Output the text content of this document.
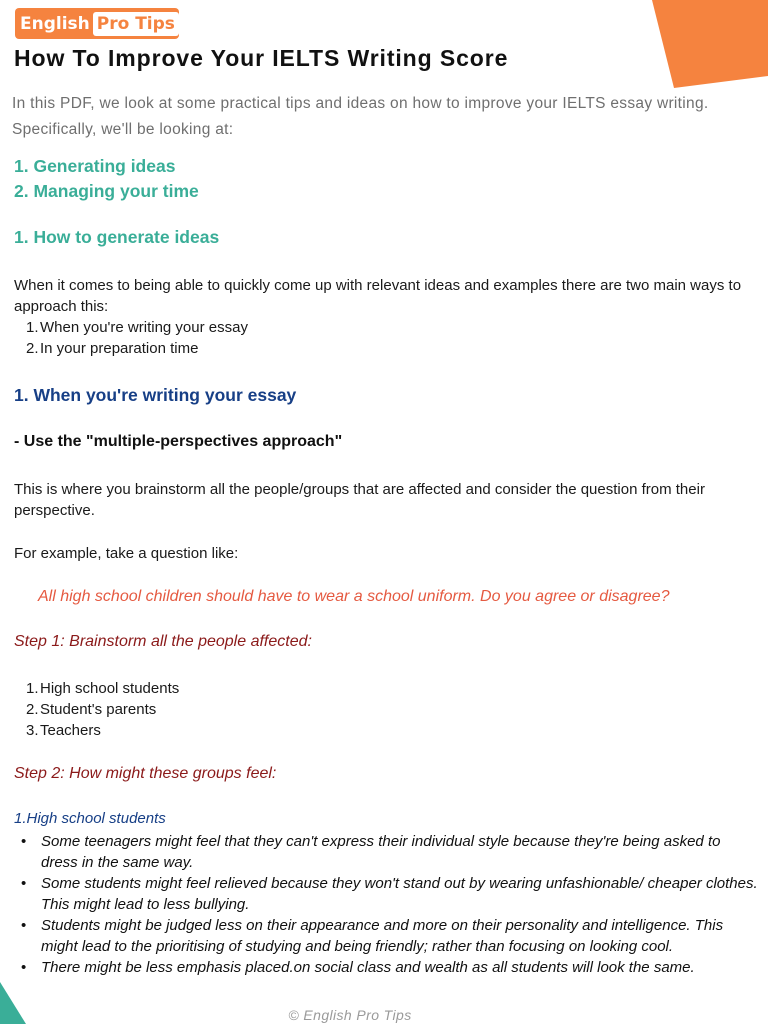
English Pro Tips
How To Improve Your IELTS Writing Score
In this PDF, we look at some practical tips and ideas on how to improve your IELTS essay writing. Specifically, we'll be looking at:
1. Generating ideas
2. Managing your time
1. How to generate ideas
When it comes to being able to quickly come up with relevant ideas and examples there are two main ways to approach this:
1. When you're writing your essay
2. In your preparation time
1. When you're writing your essay
- Use the "multiple-perspectives approach"
This is where you brainstorm all the people/groups that are affected and consider the question from their perspective.
For example, take a question like:
All high school children should have to wear a school uniform. Do you agree or disagree?
Step 1: Brainstorm all the people affected:
1. High school students
2. Student's parents
3. Teachers
Step 2: How might these groups feel:
1.High school students
• Some teenagers might feel that they can't express their individual style because they're being asked to dress in the same way.
• Some students might feel relieved because they won't stand out by wearing unfashionable/ cheaper clothes. This might lead to less bullying.
• Students might be judged less on their appearance and more on their personality and intelligence. This might lead to the prioritising of studying and being friendly; rather than focusing on looking cool.
• There might be less emphasis placed.on social class and wealth as all students will look the same.
© English Pro Tips
